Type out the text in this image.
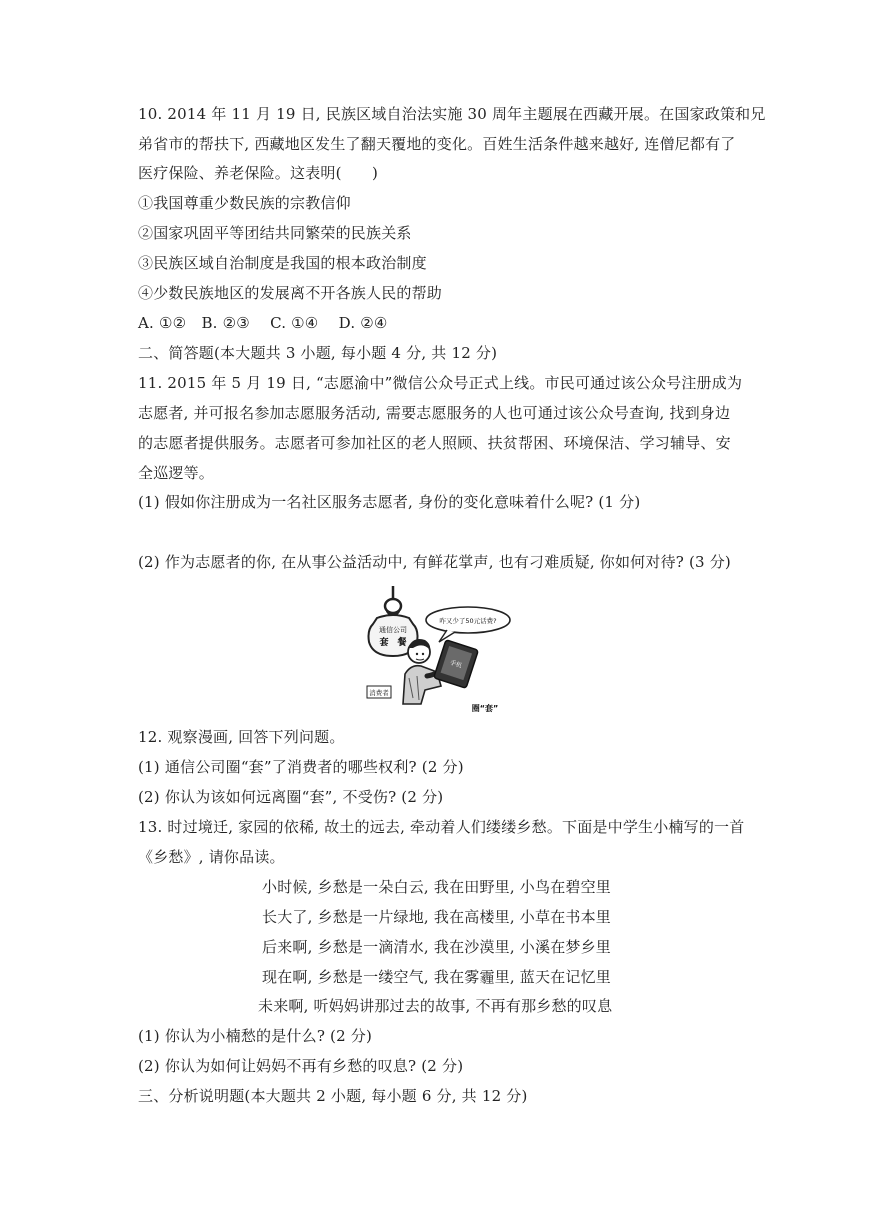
10. 2014 年 11 月 19 日, 民族区域自治法实施 30 周年主题展在西藏开展。在国家政策和兄
弟省市的帮扶下, 西藏地区发生了翻天覆地的变化。百姓生活条件越来越好, 连僧尼都有了
医疗保险、养老保险。这表明(　　)
①我国尊重少数民族的宗教信仰
②国家巩固平等团结共同繁荣的民族关系
③民族区域自治制度是我国的根本政治制度
④少数民族地区的发展离不开各族人民的帮助
A. ①②　B. ②③　 C. ①④　 D. ②④
二、简答题(本大题共 3 小题, 每小题 4 分, 共 12 分)
11. 2015 年 5 月 19 日, “志愿渝中”微信公众号正式上线。市民可通过该公众号注册成为
志愿者, 并可报名参加志愿服务活动, 需要志愿服务的人也可通过该公众号查询, 找到身边
的志愿者提供服务。志愿者可参加社区的老人照顾、扶贫帮困、环境保洁、学习辅导、安
全巡逻等。
(1) 假如你注册成为一名社区服务志愿者, 身份的变化意味着什么呢? (1 分)
(2) 作为志愿者的你, 在从事公益活动中, 有鲜花掌声, 也有刁难质疑, 你如何对待? (3 分)
通信公司
套　餐
咋又少了50元话费?
手机
消费者
圈“套”
12. 观察漫画, 回答下列问题。
(1) 通信公司圈“套”了消费者的哪些权利? (2 分)
(2) 你认为该如何远离圈“套”, 不受伤? (2 分)
13. 时过境迁, 家园的依稀, 故土的远去, 牵动着人们缕缕乡愁。下面是中学生小楠写的一首
《乡愁》, 请你品读。
小时候, 乡愁是一朵白云, 我在田野里, 小鸟在碧空里
长大了, 乡愁是一片绿地, 我在高楼里, 小草在书本里
后来啊, 乡愁是一滴清水, 我在沙漠里, 小溪在梦乡里
现在啊, 乡愁是一缕空气, 我在雾霾里, 蓝天在记忆里
未来啊, 听妈妈讲那过去的故事, 不再有那乡愁的叹息
(1) 你认为小楠愁的是什么? (2 分)
(2) 你认为如何让妈妈不再有乡愁的叹息? (2 分)
三、分析说明题(本大题共 2 小题, 每小题 6 分, 共 12 分)
